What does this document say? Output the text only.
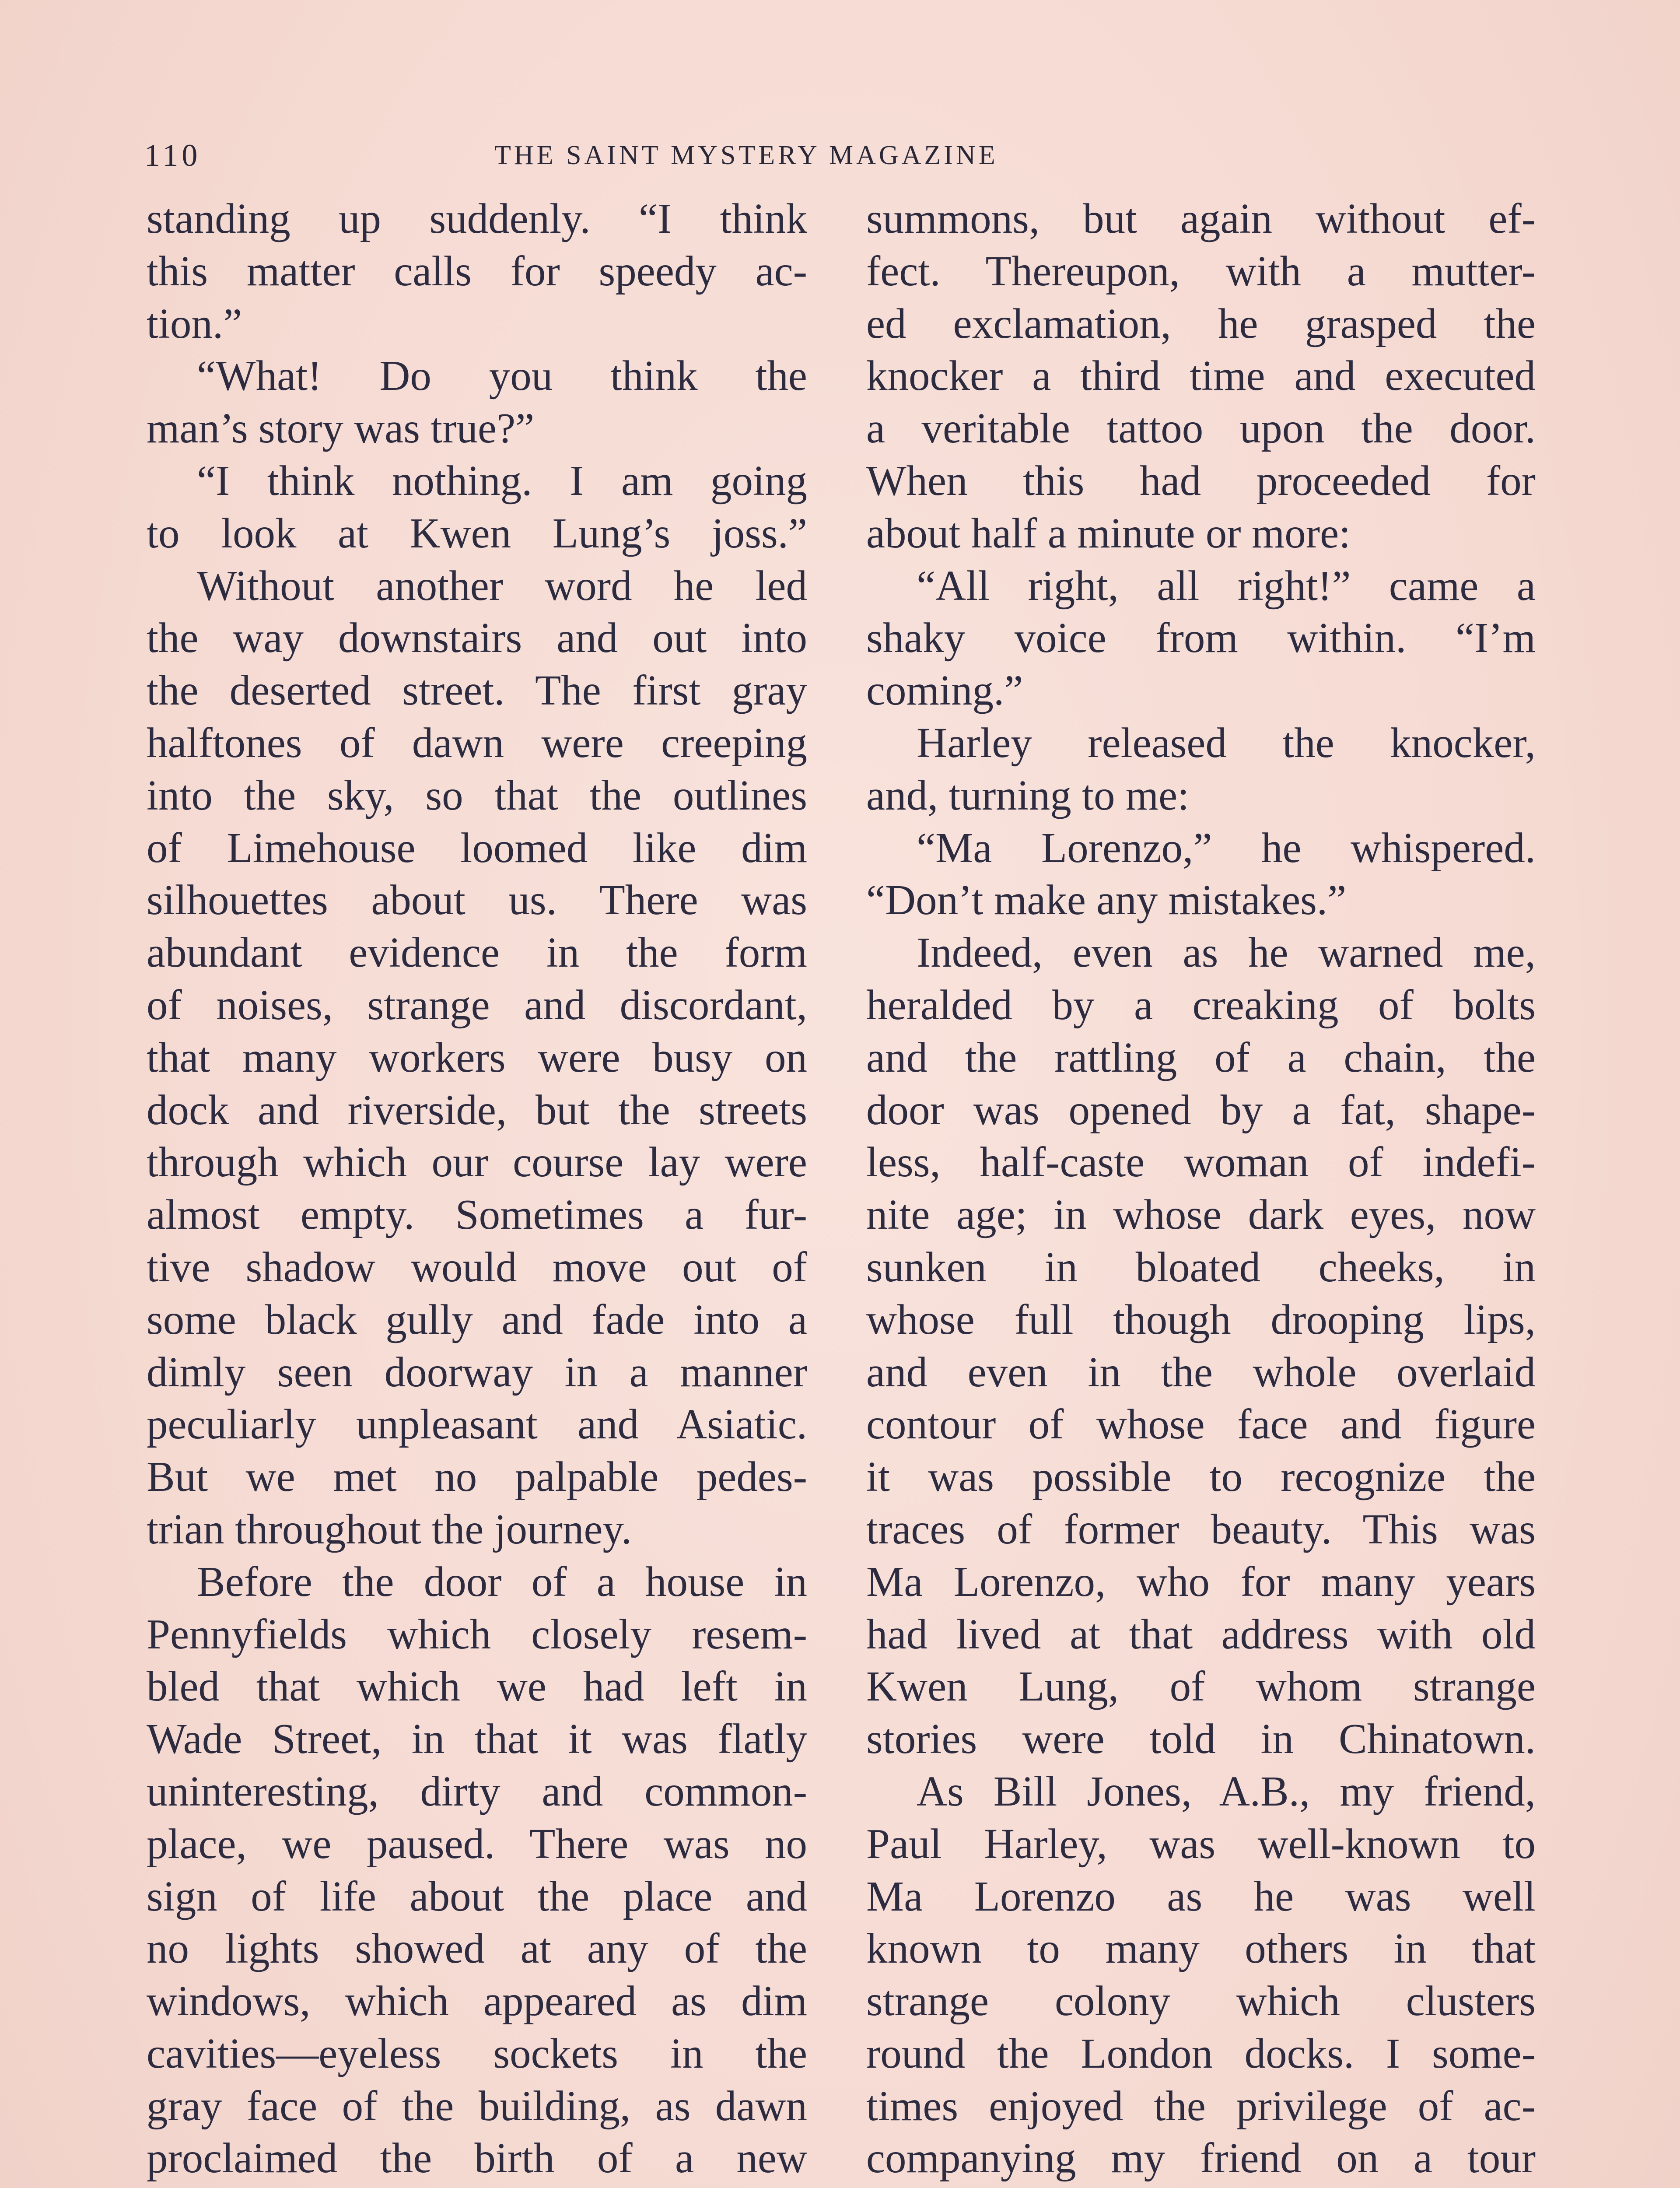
110	THE SAINT MYSTERY MAGAZINE
standing up suddenly. “I think
this matter calls for speedy ac-
tion.”
“What! Do you think the
man’s story was true?”
“I think nothing. I am going
to look at Kwen Lung’s joss.”
Without another word he led
the way downstairs and out into
the deserted street. The first gray
halftones of dawn were creeping
into the sky, so that the outlines
of Limehouse loomed like dim
silhouettes about us. There was
abundant evidence in the form
of noises, strange and discordant,
that many workers were busy on
dock and riverside, but the streets
through which our course lay were
almost empty. Sometimes a fur-
tive shadow would move out of
some black gully and fade into a
dimly seen doorway in a manner
peculiarly unpleasant and Asiatic.
But we met no palpable pedes-
trian throughout the journey.
Before the door of a house in
Pennyfields which closely resem-
bled that which we had left in
Wade Street, in that it was flatly
uninteresting, dirty and common-
place, we paused. There was no
sign of life about the place and
no lights showed at any of the
windows, which appeared as dim
cavities—eyeless sockets in the
gray face of the building, as dawn
proclaimed the birth of a new
summons, but again without ef-
fect. Thereupon, with a mutter-
ed exclamation, he grasped the
knocker a third time and executed
a veritable tattoo upon the door.
When this had proceeded for
about half a minute or more:
“All right, all right!” came a
shaky voice from within. “I’m
coming.”
Harley released the knocker,
and, turning to me:
“Ma Lorenzo,” he whispered.
“Don’t make any mistakes.”
Indeed, even as he warned me,
heralded by a creaking of bolts
and the rattling of a chain, the
door was opened by a fat, shape-
less, half-caste woman of indefi-
nite age; in whose dark eyes, now
sunken in bloated cheeks, in
whose full though drooping lips,
and even in the whole overlaid
contour of whose face and figure
it was possible to recognize the
traces of former beauty. This was
Ma Lorenzo, who for many years
had lived at that address with old
Kwen Lung, of whom strange
stories were told in Chinatown.
As Bill Jones, A.B., my friend,
Paul Harley, was well-known to
Ma Lorenzo as he was well
known to many others in that
strange colony which clusters
round the London docks. I some-
times enjoyed the privilege of ac-
companying my friend on a tour
